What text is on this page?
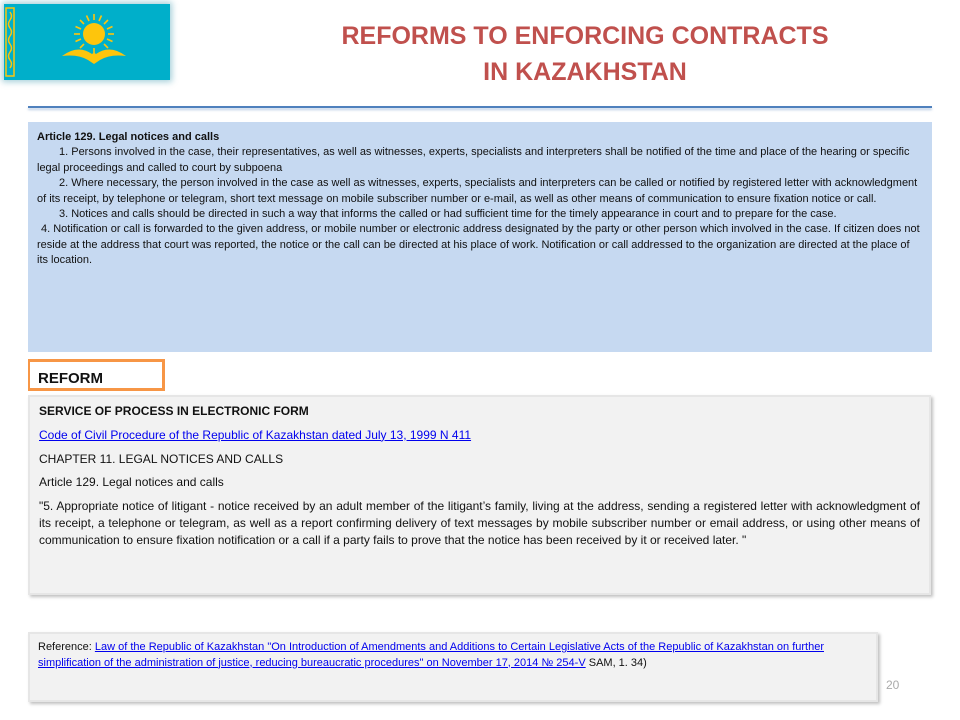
REFORMS TO ENFORCING CONTRACTS
IN KAZAKHSTAN

Article 129. Legal notices and calls

1. Persons involved in the case, their representatives, as well as witnesses, experts, specialists and interpreters shall be notified of the time and place of the hearing or specific legal proceedings and called to court by subpoena

2. Where necessary, the person involved in the case as well as witnesses, experts, specialists and interpreters can be called or notified by registered letter with acknowledgment of its receipt, by telephone or telegram, short text message on mobile subscriber number or e-mail, as well as other means of communication to ensure fixation notice or call.

3. Notices and calls should be directed in such a way that informs the called or had sufficient time for the timely appearance in court and to prepare for the case.

4. Notification or call is forwarded to the given address, or mobile number or electronic address designated by the party or other person which involved in the case. If citizen does not reside at the address that court was reported, the notice or the call can be directed at his place of work. Notification or call addressed to the organization are directed at the place of its location.

REFORM

SERVICE OF PROCESS IN ELECTRONIC FORM

Code of Civil Procedure of the Republic of Kazakhstan dated July 13, 1999 N 411

CHAPTER 11. LEGAL NOTICES AND CALLS

Article 129. Legal notices and calls

"5. Appropriate notice of litigant - notice received by an adult member of the litigant’s family, living at the address, sending a registered letter with acknowledgment of its receipt, a telephone or telegram, as well as a report confirming delivery of text messages by mobile subscriber number or email address, or using other means of communication to ensure fixation notification or a call if a party fails to prove that the notice has been received by it or received later. "

Reference: Law of the Republic of Kazakhstan "On Introduction of Amendments and Additions to Certain Legislative Acts of the Republic of Kazakhstan on further simplification of the administration of justice, reducing bureaucratic procedures" on November 17, 2014 № 254-V SAM, 1. 34)
20
